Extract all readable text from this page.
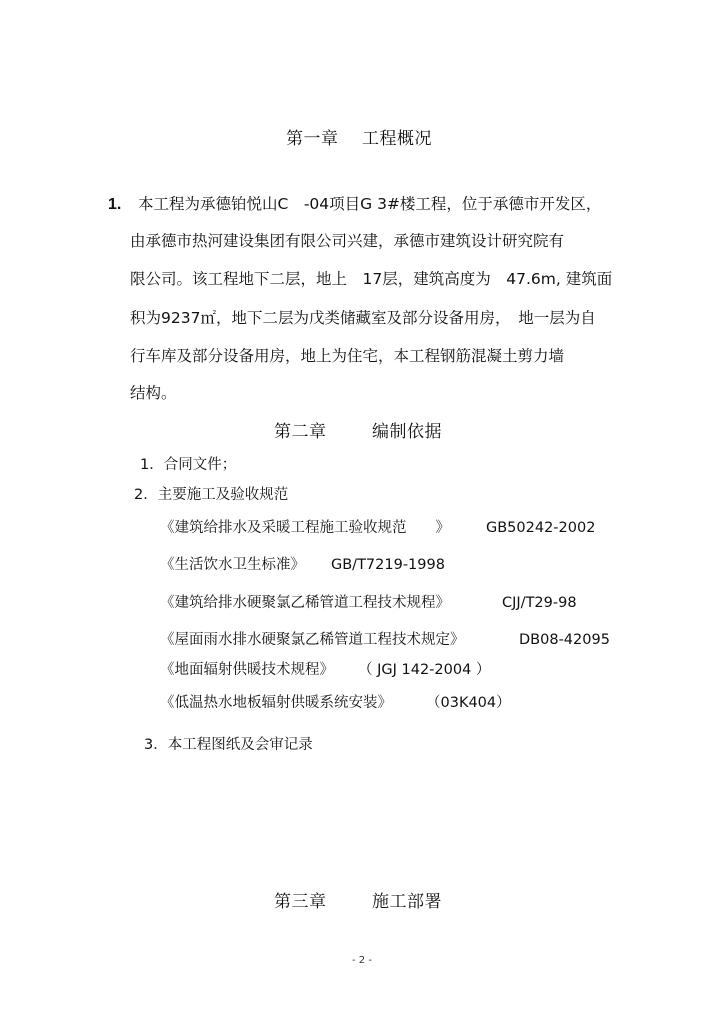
第一章 工程概况
1. 本工程为承德铂悦山C　-04项目G 3#楼工程，位于承德市开发区，
由承德市热河建设集团有限公司兴建，承德市建筑设计研究院有
限公司。该工程地下二层，地上　17层，建筑高度为　47.6m, 建筑面
积为9237㎡，地下二层为戊类储藏室及部分设备用房，　地一层为自
行车库及部分设备用房，地上为住宅，本工程钢筋混凝土剪力墙
结构。
第二章	编制依据
1．合同文件；
2．主要施工及验收规范
《建筑给排水及采暖工程施工验收规范　　》 GB50242-2002
《生活饮水卫生标准》 GB/T7219-1998
《建筑给排水硬聚氯乙稀管道工程技术规程》	CJJ/T29-98
《屋面雨水排水硬聚氯乙稀管道工程技术规定》	DB08-42095
《地面辐射供暖技术规程》 （ JGJ 142-2004 ）
《低温热水地板辐射供暖系统安装》 （03K404）
3．本工程图纸及会审记录
第三章	施工部署
- 2 -
